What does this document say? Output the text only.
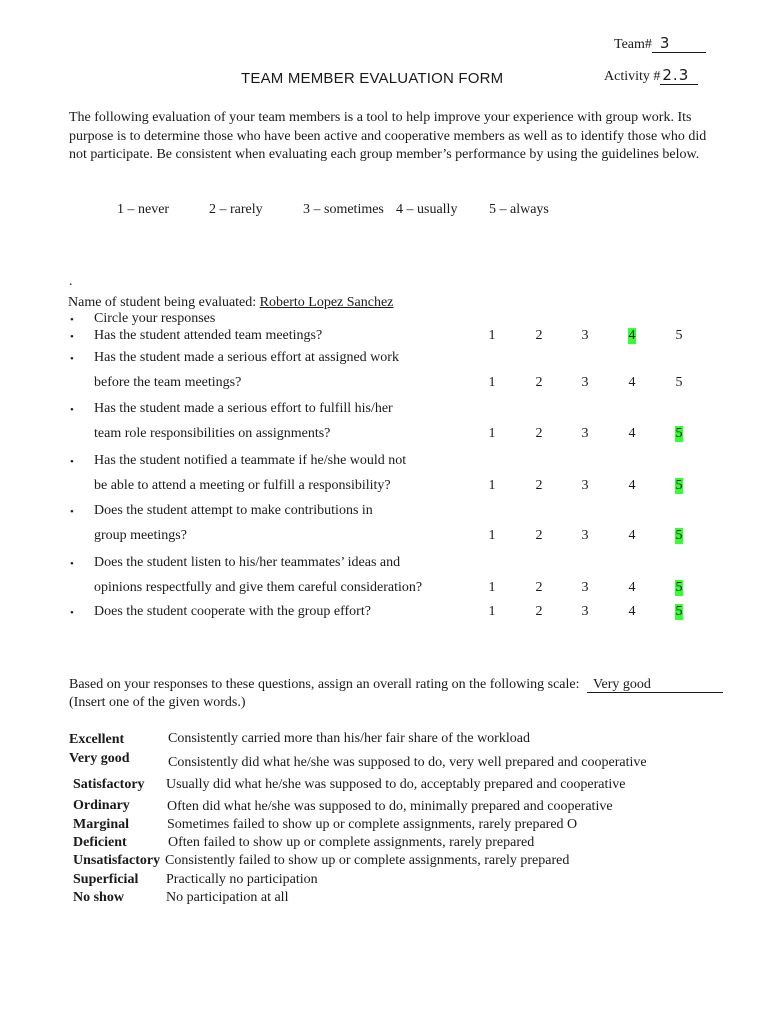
Team# 3
TEAM MEMBER EVALUATION FORM	Activity # 2.3
The following evaluation of your team members is a tool to help improve your experience with group work. Its purpose is to determine those who have been active and cooperative members as well as to identify those who did not participate. Be consistent when evaluating each group member’s performance by using the guidelines below.
1 – never	2 – rarely	3 – sometimes 4 – usually 5 – always
.
Name of student being evaluated: Roberto Lopez Sanchez
• Circle your responses
• Has the student attended team meetings?	1	2	3	4	5
• Has the student made a serious effort at assigned work
before the team meetings?	1	2	3	4	5
• Has the student made a serious effort to fulfill his/her
team role responsibilities on assignments?	1	2	3	4	5
• Has the student notified a teammate if he/she would not
be able to attend a meeting or fulfill a responsibility?	1	2	3	4	5
• Does the student attempt to make contributions in
group meetings?	1	2	3	4	5
• Does the student listen to his/her teammates’ ideas and
opinions respectfully and give them careful consideration?	1	2	3	4	5
• Does the student cooperate with the group effort?	1	2	3	4	5
Based on your responses to these questions, assign an overall rating on the following scale: Very good
(Insert one of the given words.)
Excellent	Consistently carried more than his/her fair share of the workload
Very good	Consistently did what he/she was supposed to do, very well prepared and cooperative
Satisfactory Usually did what he/she was supposed to do, acceptably prepared and cooperative
Ordinary	Often did what he/she was supposed to do, minimally prepared and cooperative
Marginal	Sometimes failed to show up or complete assignments, rarely prepared O
Deficient	Often failed to show up or complete assignments, rarely prepared
Unsatisfactory Consistently failed to show up or complete assignments, rarely prepared
Superficial Practically no participation
No show	No participation at all
